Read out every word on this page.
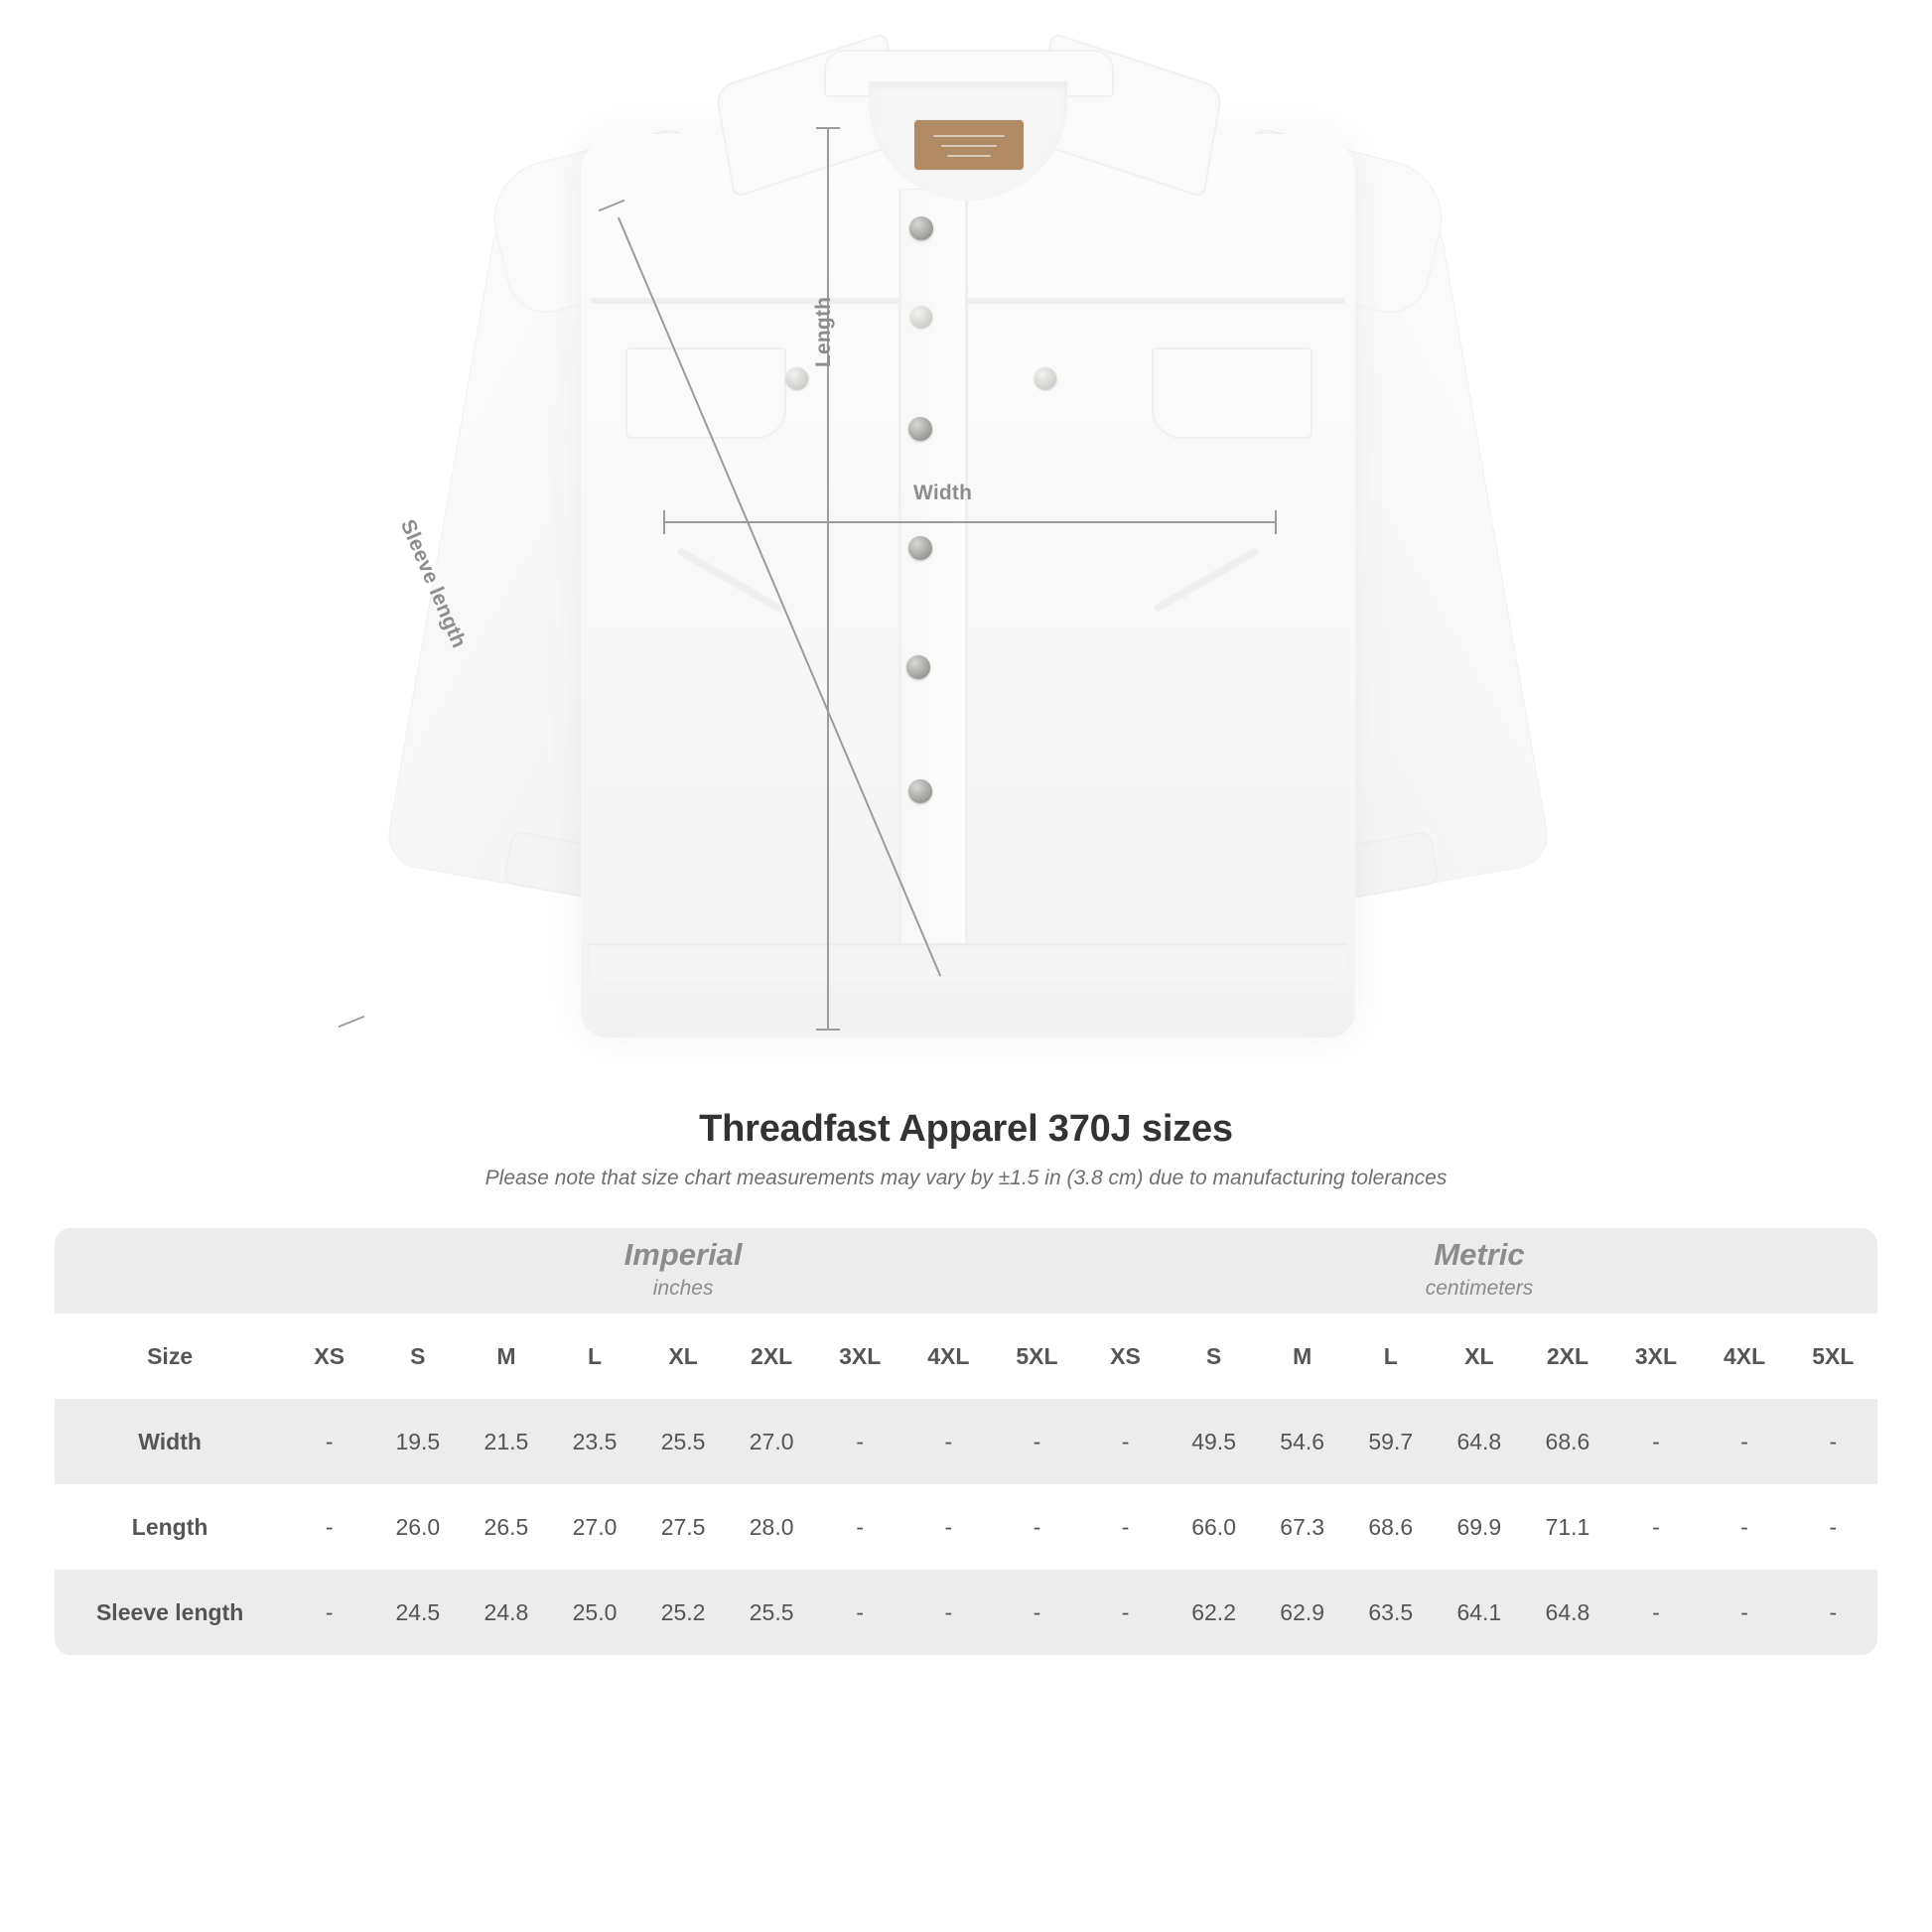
Length
Width
Sleeve length
Threadfast Apparel 370J sizes
Please note that size chart measurements may vary by ±1.5 in (3.8 cm) due to manufacturing tolerances

	Imperial
inches									Metric
centimeters								

Size	XS	S	M	L	XL	2XL	3XL	4XL	5XL	XS	S	M	L	XL	2XL	3XL	4XL	5XL
Width	-	19.5	21.5	23.5	25.5	27.0	-	-	-	-	49.5	54.6	59.7	64.8	68.6	-	-	-
Length	-	26.0	26.5	27.0	27.5	28.0	-	-	-	-	66.0	67.3	68.6	69.9	71.1	-	-	-
Sleeve length	-	24.5	24.8	25.0	25.2	25.5	-	-	-	-	62.2	62.9	63.5	64.1	64.8	-	-	-
